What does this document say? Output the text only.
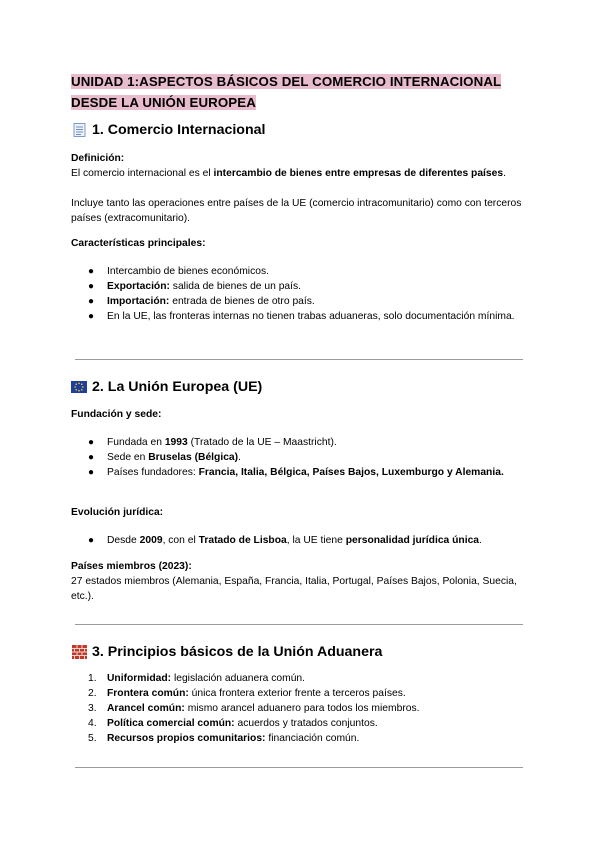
UNIDAD 1:ASPECTOS BÁSICOS DEL COMERCIO INTERNACIONAL DESDE LA UNIÓN EUROPEA
1. Comercio Internacional
Definición:
El comercio internacional es el intercambio de bienes entre empresas de diferentes países.
Incluye tanto las operaciones entre países de la UE (comercio intracomunitario) como con terceros países (extracomunitario).
Características principales:
● Intercambio de bienes económicos.
● Exportación: salida de bienes de un país.
● Importación: entrada de bienes de otro país.
● En la UE, las fronteras internas no tienen trabas aduaneras, solo documentación mínima.
2. La Unión Europea (UE)
Fundación y sede:
● Fundada en 1993 (Tratado de la UE – Maastricht).
● Sede en Bruselas (Bélgica).
● Países fundadores: Francia, Italia, Bélgica, Países Bajos, Luxemburgo y Alemania.
Evolución jurídica:
● Desde 2009, con el Tratado de Lisboa, la UE tiene personalidad jurídica única.
Países miembros (2023):
27 estados miembros (Alemania, España, Francia, Italia, Portugal, Países Bajos, Polonia, Suecia, etc.).
3. Principios básicos de la Unión Aduanera
1. Uniformidad: legislación aduanera común.
2. Frontera común: única frontera exterior frente a terceros países.
3. Arancel común: mismo arancel aduanero para todos los miembros.
4. Política comercial común: acuerdos y tratados conjuntos.
5. Recursos propios comunitarios: financiación común.
